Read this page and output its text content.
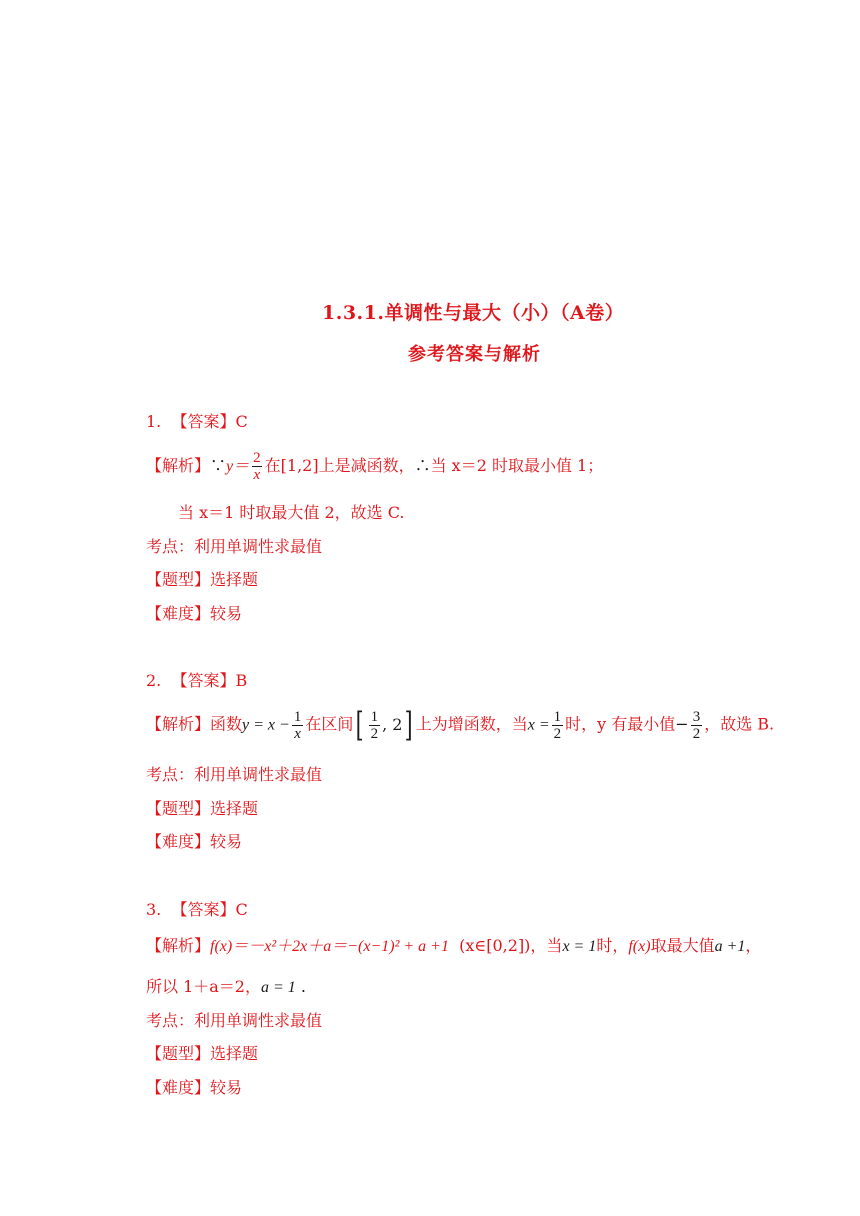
1.3.1.单调性与最大（小）（A卷）
参考答案与解析
1. 【答案】C
【解析】∵y＝ $\frac{2}{x}$ 在[1,2]上是减函数，∴当 x＝2 时取最小值 1；
当 x＝1 时取最大值 2，故选 C.
考点：利用单调性求最值
【题型】选择题
【难度】较易
2. 【答案】B
【解析】函数$y = x - \frac{1}{x}$ 在区间[ $\frac{1}{2}$ , 2] 上为增函数，当$x = \frac{1}{2}$ 时，y 有最小值− $\frac{3}{2}$ ，故选 B.
考点：利用单调性求最值
【题型】选择题
【难度】较易
3. 【答案】C
【解析】f(x)＝－x²＋2x＋a＝−(x−1)² + a +1 (x∈[0,2])，当x = 1时，f(x)取最大值a +1，
所以 1＋a＝2，a = 1 .
考点：利用单调性求最值
【题型】选择题
【难度】较易
